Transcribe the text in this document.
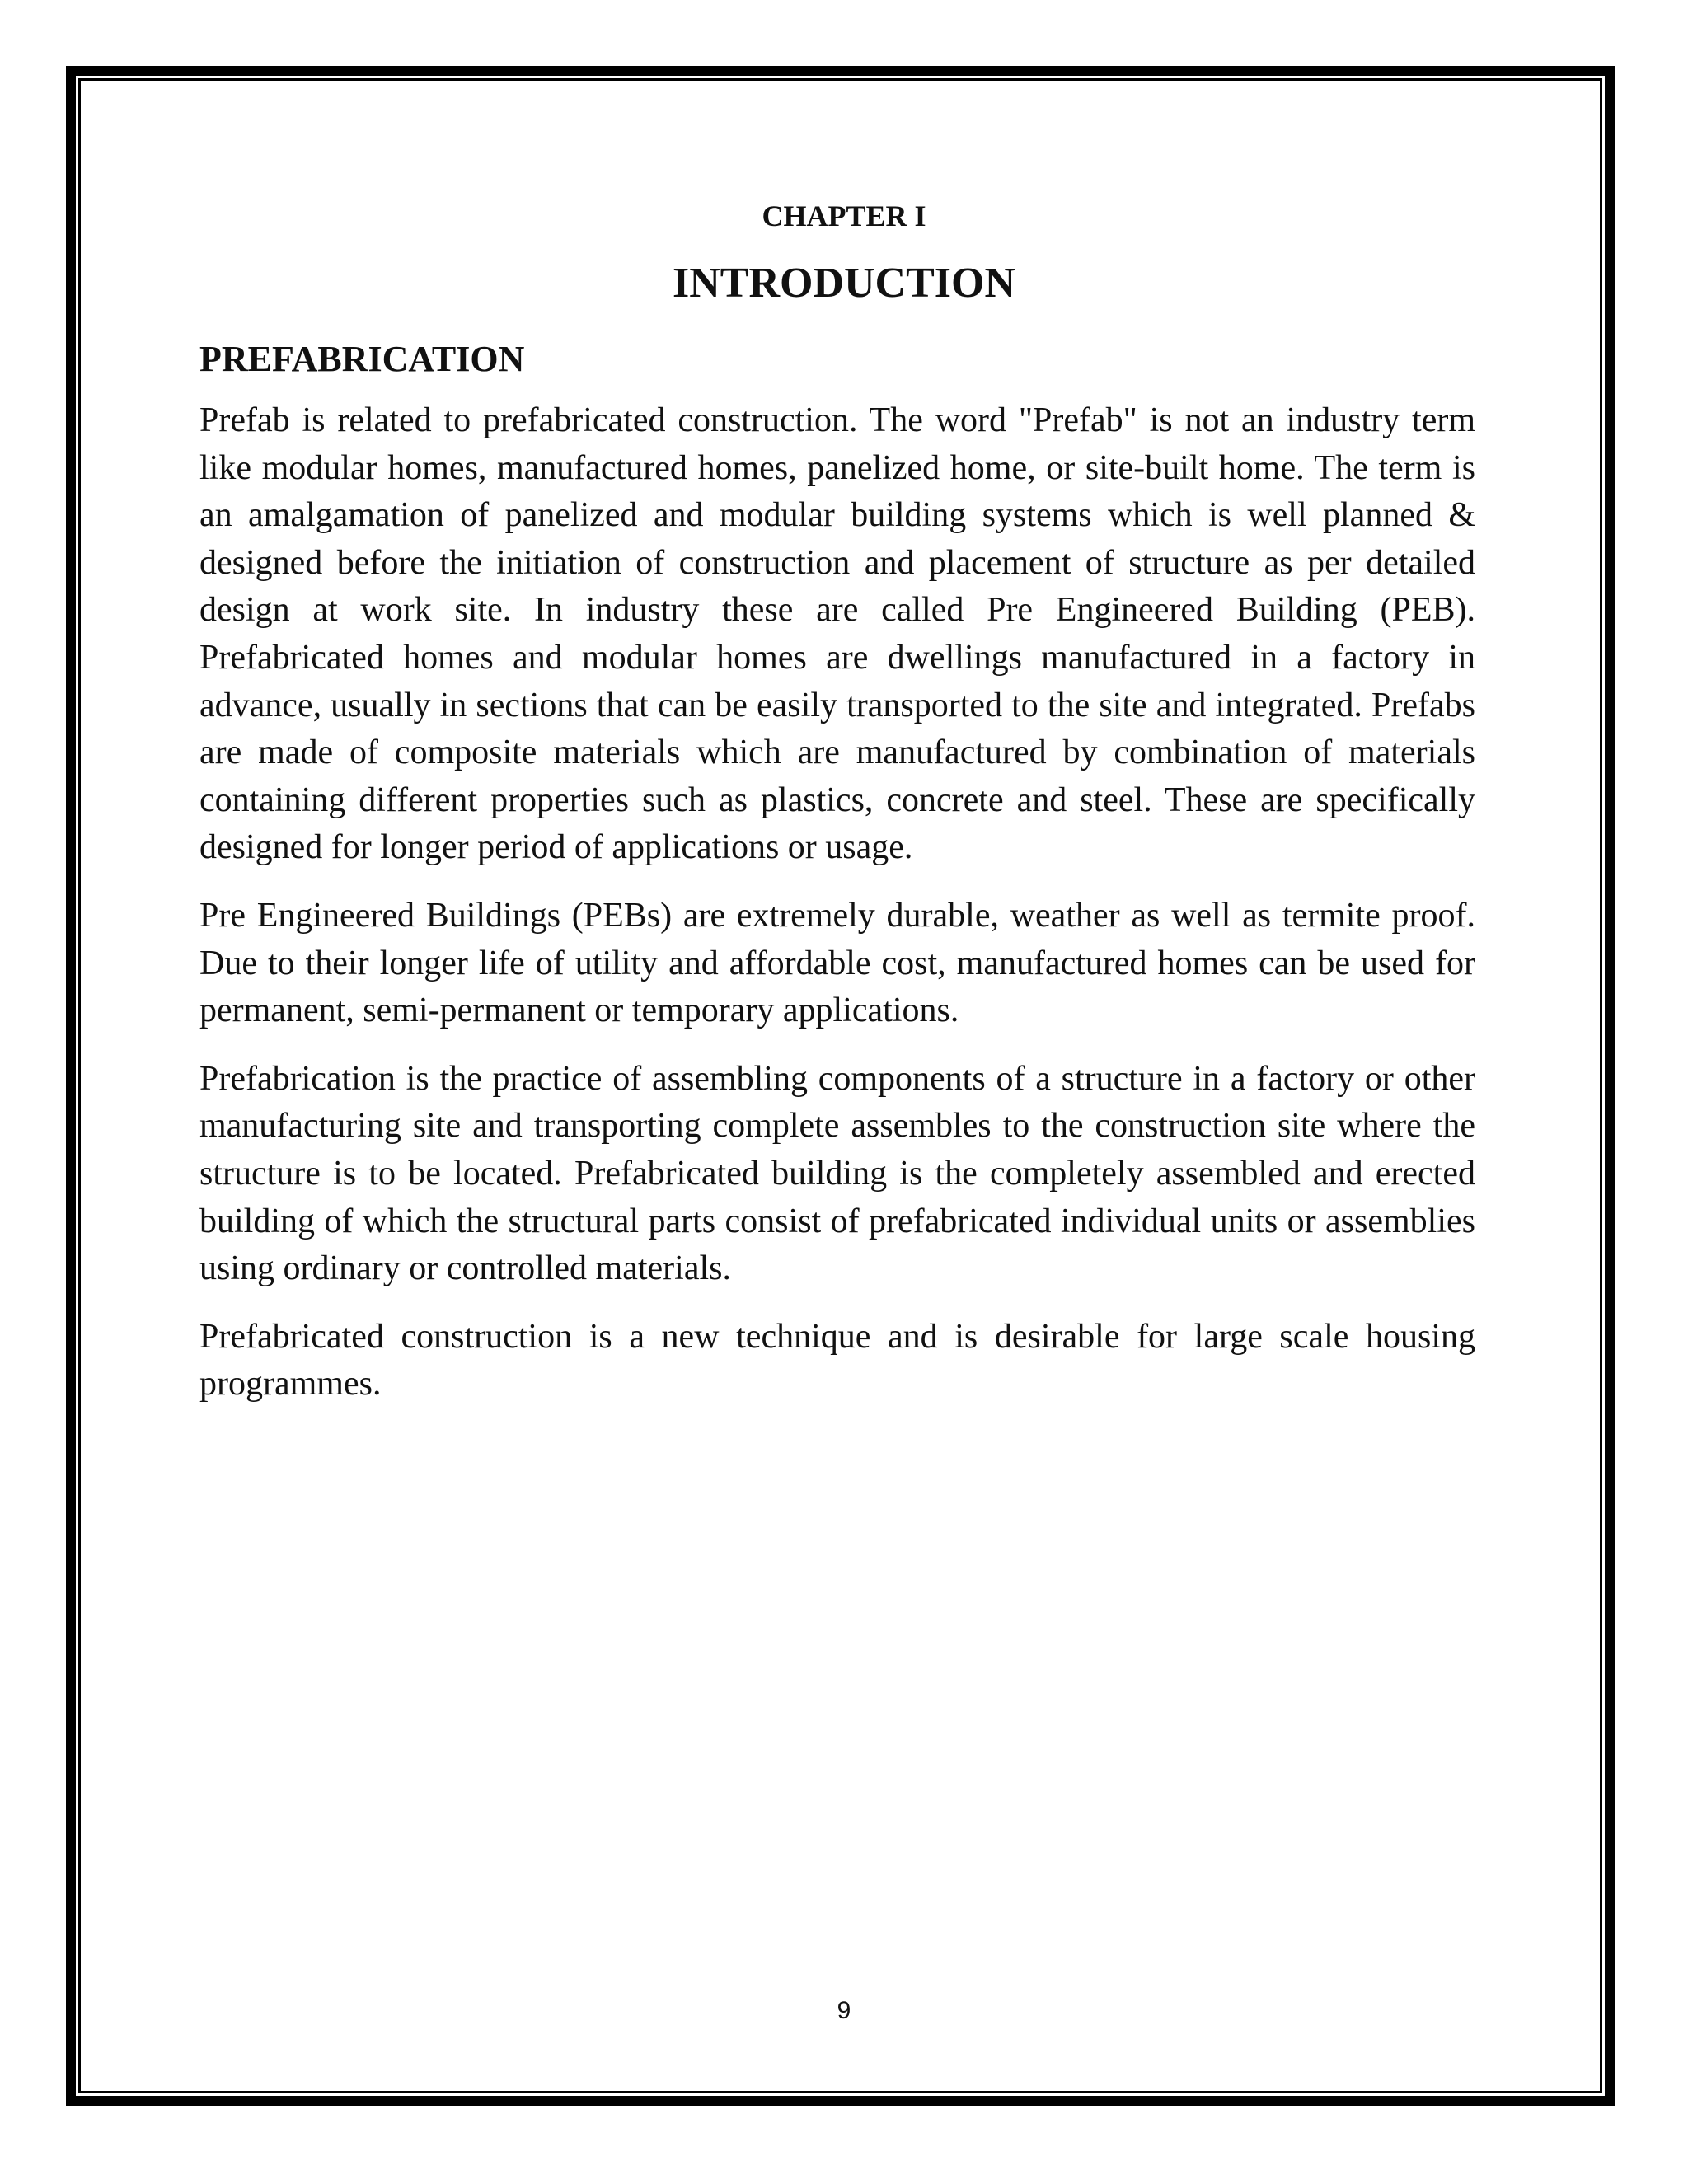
CHAPTER I
INTRODUCTION
PREFABRICATION

Prefab is related to prefabricated construction. The word "Prefab" is not an industry term like modular homes, manufactured homes, panelized home, or site-built home. The term is an amalgamation of panelized and modular building systems which is well planned & designed before the initiation of construction and placement of structure as per detailed design at work site. In industry these are called Pre Engineered Building (PEB). Prefabricated homes and modular homes are dwellings manufactured in a factory in advance, usually in sections that can be easily transported to the site and integrated. Prefabs are made of composite materials which are manufactured by combination of materials containing different properties such as plastics, concrete and steel. These are specifically designed for longer period of applications or usage.

Pre Engineered Buildings (PEBs) are extremely durable, weather as well as termite proof. Due to their longer life of utility and affordable cost, manufactured homes can be used for permanent, semi-permanent or temporary applications.

Prefabrication is the practice of assembling components of a structure in a factory or other manufacturing site and transporting complete assembles to the construction site where the structure is to be located. Prefabricated building is the completely assembled and erected building of which the structural parts consist of prefabricated individual units or assemblies using ordinary or controlled materials.

Prefabricated construction is a new technique and is desirable for large scale housing programmes.

9
